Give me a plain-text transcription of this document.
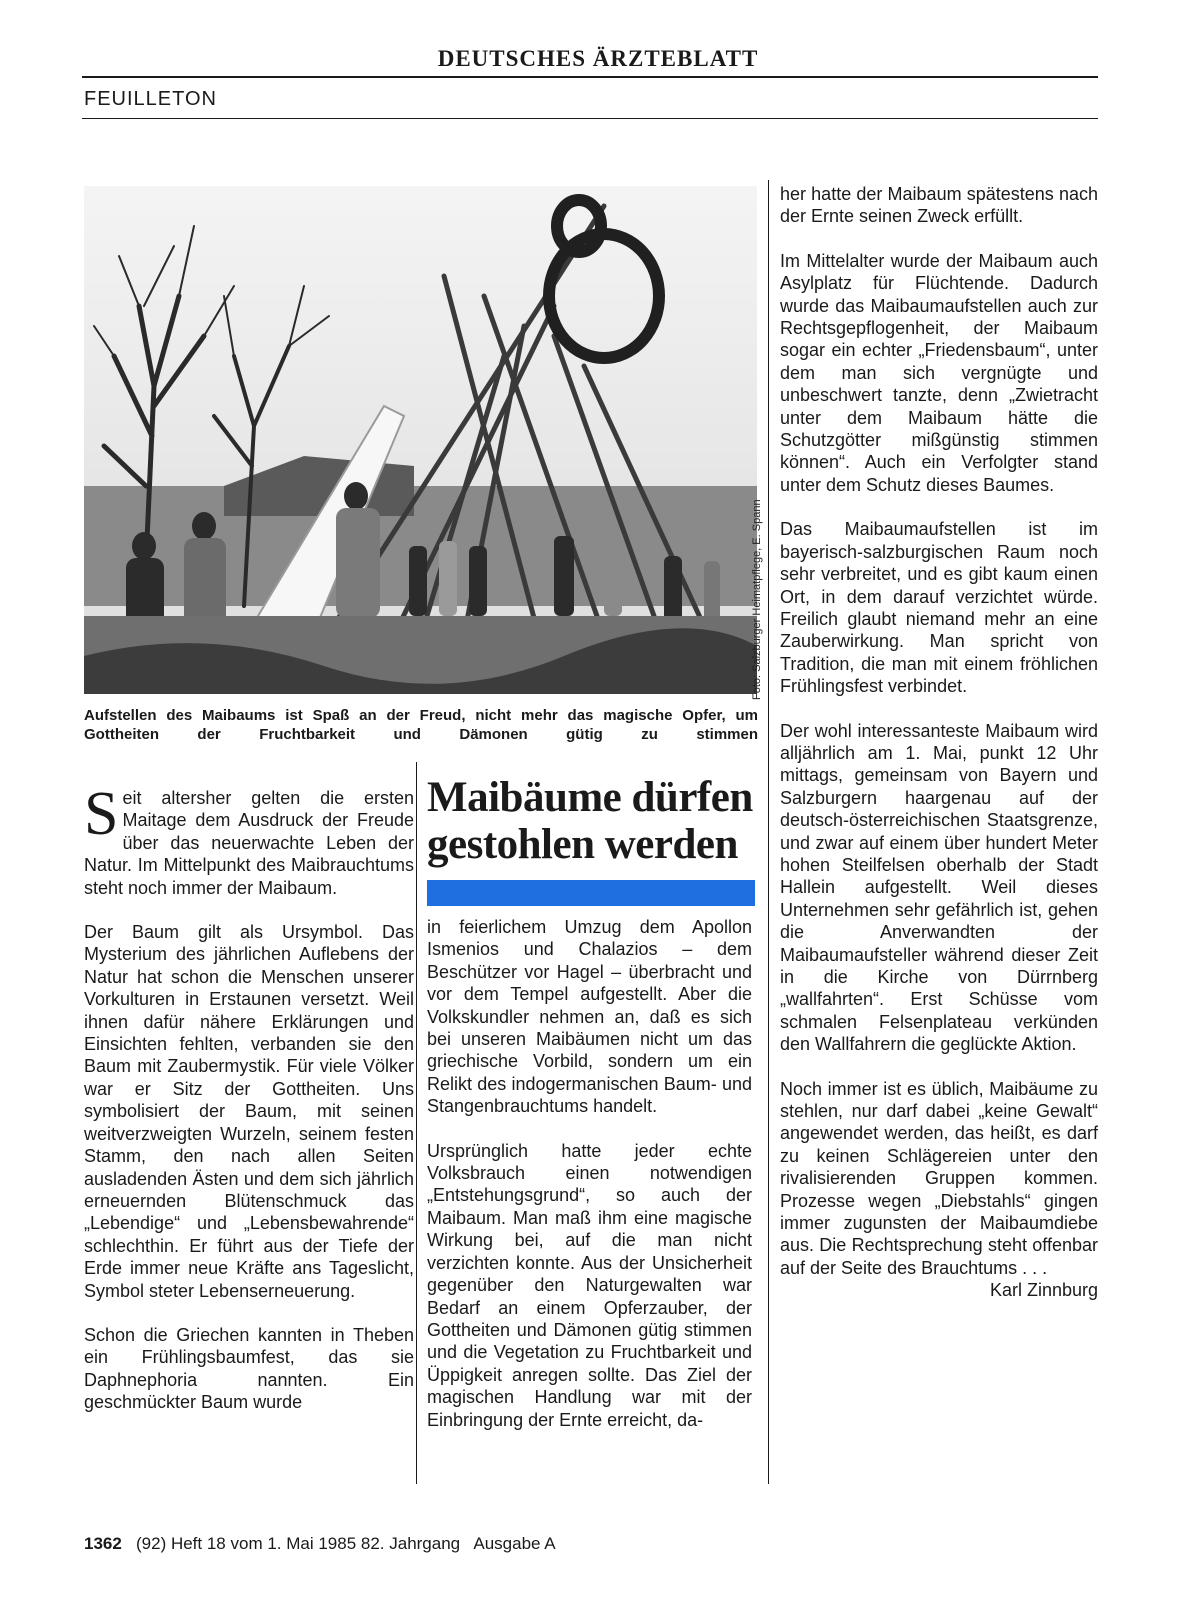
DEUTSCHES ÄRZTEBLATT
FEUILLETON
Foto: Salzburger Heimatpflege, E. Spann
Aufstellen des Maibaums ist Spaß an der Freud, nicht mehr das magische Opfer, um Gottheiten der Fruchtbarkeit und Dämonen gütig zu stimmen

Seit altersher gelten die ersten Maitage dem Ausdruck der Freude über das neuerwachte Leben der Natur. Im Mittelpunkt des Maibrauchtums steht noch immer der Maibaum.

Der Baum gilt als Ursymbol. Das Mysterium des jährlichen Auflebens der Natur hat schon die Menschen unserer Vorkulturen in Erstaunen versetzt. Weil ihnen dafür nähere Erklärungen und Einsichten fehlten, verbanden sie den Baum mit Zaubermystik. Für viele Völker war er Sitz der Gottheiten. Uns symbolisiert der Baum, mit seinen weitverzweigten Wurzeln, seinem festen Stamm, den nach allen Seiten ausladenden Ästen und dem sich jährlich erneuernden Blütenschmuck das „Lebendige“ und „Lebensbewahrende“ schlechthin. Er führt aus der Tiefe der Erde immer neue Kräfte ans Tageslicht, Symbol steter Lebenserneuerung.

Schon die Griechen kannten in Theben ein Frühlingsbaumfest, das sie Daphnephoria nannten. Ein geschmückter Baum wurde

Maibäume dürfen gestohlen werden

in feierlichem Umzug dem Apollon Ismenios und Chalazios – dem Beschützer vor Hagel – überbracht und vor dem Tempel aufgestellt. Aber die Volkskundler nehmen an, daß es sich bei unseren Maibäumen nicht um das griechische Vorbild, sondern um ein Relikt des indogermanischen Baum- und Stangenbrauchtums handelt.

Ursprünglich hatte jeder echte Volksbrauch einen notwendigen „Entstehungsgrund“, so auch der Maibaum. Man maß ihm eine magische Wirkung bei, auf die man nicht verzichten konnte. Aus der Unsicherheit gegenüber den Naturgewalten war Bedarf an einem Opferzauber, der Gottheiten und Dämonen gütig stimmen und die Vegetation zu Fruchtbarkeit und Üppigkeit anregen sollte. Das Ziel der magischen Handlung war mit der Einbringung der Ernte erreicht, da-

her hatte der Maibaum spätestens nach der Ernte seinen Zweck erfüllt.

Im Mittelalter wurde der Maibaum auch Asylplatz für Flüchtende. Dadurch wurde das Maibaumaufstellen auch zur Rechtsgepflogenheit, der Maibaum sogar ein echter „Friedensbaum“, unter dem man sich vergnügte und unbeschwert tanzte, denn „Zwietracht unter dem Maibaum hätte die Schutzgötter mißgünstig stimmen können“. Auch ein Verfolgter stand unter dem Schutz dieses Baumes.

Das Maibaumaufstellen ist im bayerisch-salzburgischen Raum noch sehr verbreitet, und es gibt kaum einen Ort, in dem darauf verzichtet würde. Freilich glaubt niemand mehr an eine Zauberwirkung. Man spricht von Tradition, die man mit einem fröhlichen Frühlingsfest verbindet.

Der wohl interessanteste Maibaum wird alljährlich am 1. Mai, punkt 12 Uhr mittags, gemeinsam von Bayern und Salzburgern haargenau auf der deutsch-österreichischen Staatsgrenze, und zwar auf einem über hundert Meter hohen Steilfelsen oberhalb der Stadt Hallein aufgestellt. Weil dieses Unternehmen sehr gefährlich ist, gehen die Anverwandten der Maibaumaufsteller während dieser Zeit in die Kirche von Dürrnberg „wallfahrten“. Erst Schüsse vom schmalen Felsenplateau verkünden den Wallfahrern die geglückte Aktion.

Noch immer ist es üblich, Maibäume zu stehlen, nur darf dabei „keine Gewalt“ angewendet werden, das heißt, es darf zu keinen Schlägereien unter den rivalisierenden Gruppen kommen. Prozesse wegen „Diebstahls“ gingen immer zugunsten der Maibaumdiebe aus. Die Rechtsprechung steht offenbar auf der Seite des Brauchtums . . .
Karl Zinnburg

1362 (92) Heft 18 vom 1. Mai 1985 82. Jahrgang Ausgabe A
